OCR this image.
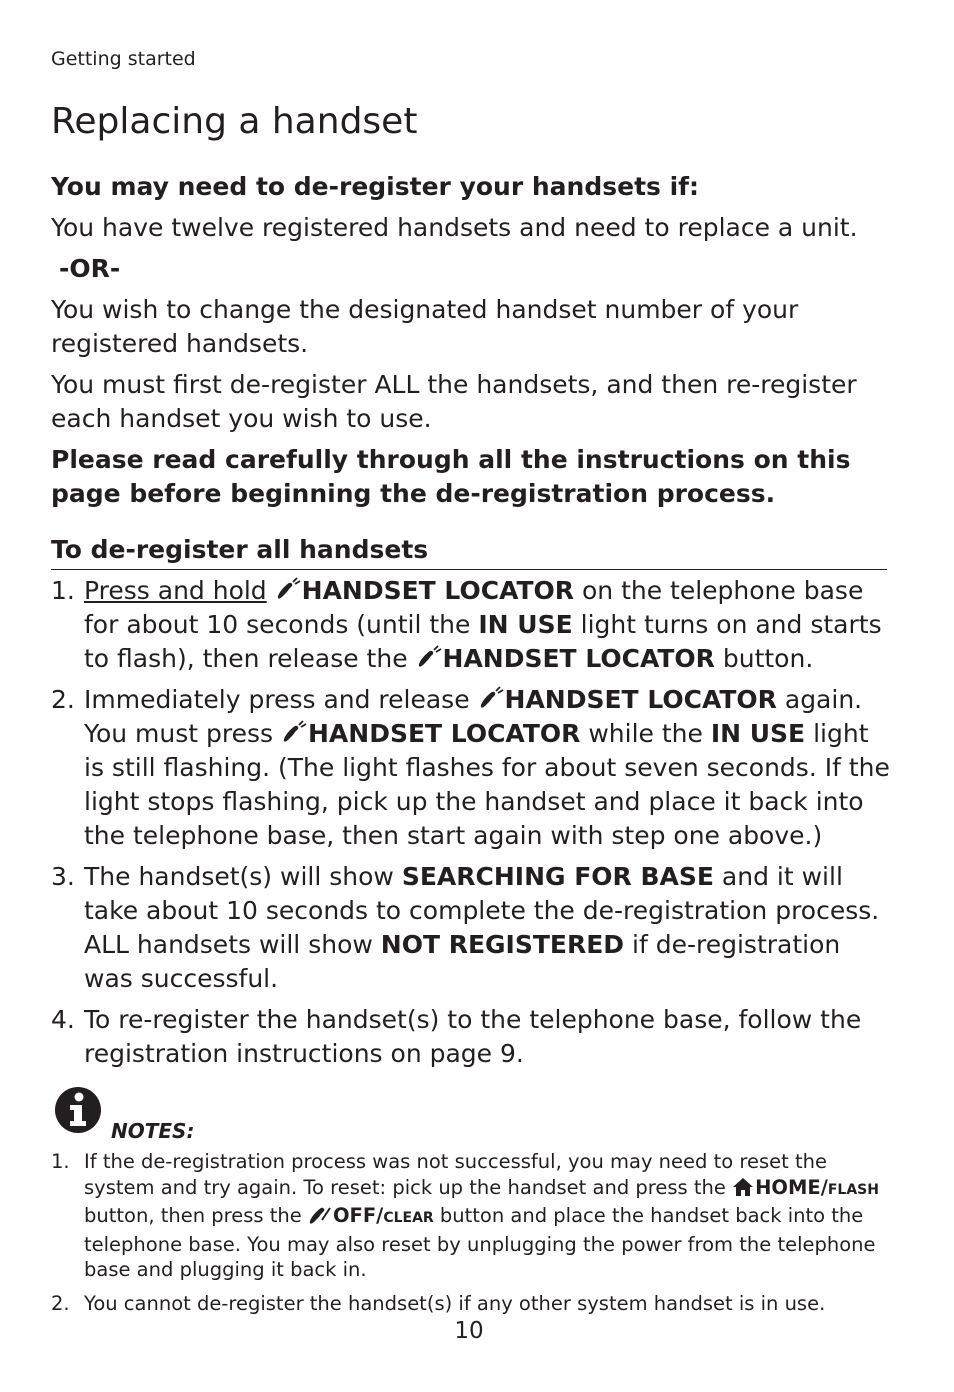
Getting started
Replacing a handset

You may need to de-register your handsets if:

You have twelve registered handsets and need to replace a unit.

-OR-

You wish to change the designated handset number of your registered handsets.

You must first de-register ALL the handsets, and then re-register each handset you wish to use.

Please read carefully through all the instructions on this page before beginning the de-registration process.

To de-register all handsets

1. Press and hold HANDSET LOCATOR on the telephone base for about 10 seconds (until the IN USE light turns on and starts to flash), then release the HANDSET LOCATOR button.
2. Immediately press and release HANDSET LOCATOR again. You must press HANDSET LOCATOR while the IN USE light is still flashing. (The light flashes for about seven seconds. If the light stops flashing, pick up the handset and place it back into the telephone base, then start again with step one above.)
3. The handset(s) will show SEARCHING FOR BASE and it will take about 10 seconds to complete the de-registration process. ALL handsets will show NOT REGISTERED if de-registration was successful.
4. To re-register the handset(s) to the telephone base, follow the registration instructions on page 9.
NOTES:
1. If the de-registration process was not successful, you may need to reset the system and try again. To reset: pick up the handset and press the HOME/FLASH button, then press the OFF/CLEAR button and place the handset back into the telephone base. You may also reset by unplugging the power from the telephone base and plugging it back in.
2. You cannot de-register the handset(s) if any other system handset is in use.
10
